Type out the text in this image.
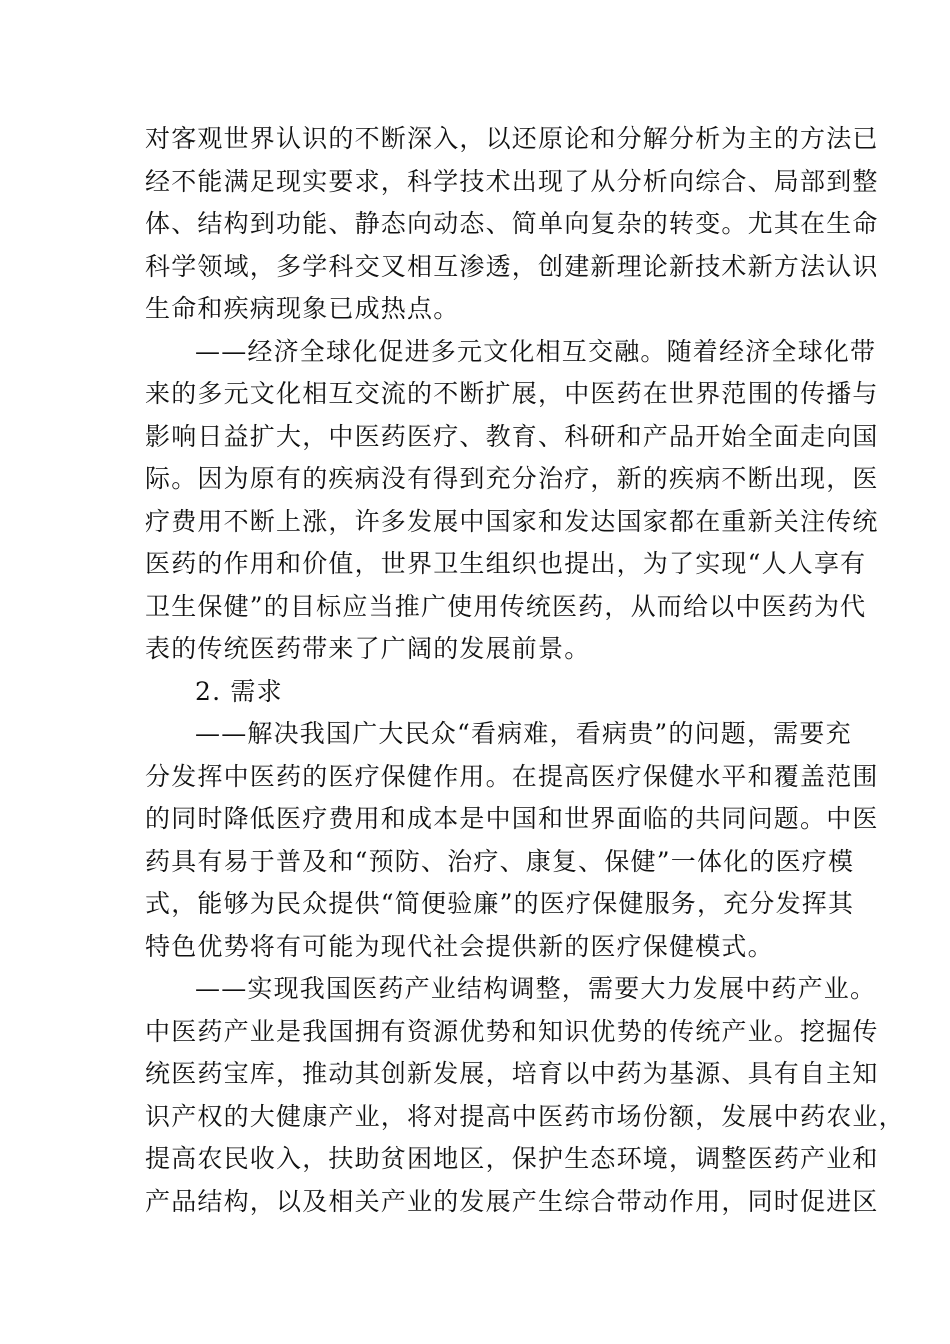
对客观世界认识的不断深入，以还原论和分解分析为主的方法已
经不能满足现实要求，科学技术出现了从分析向综合、局部到整
体、结构到功能、静态向动态、简单向复杂的转变。尤其在生命
科学领域，多学科交叉相互渗透，创建新理论新技术新方法认识
生命和疾病现象已成热点。
——经济全球化促进多元文化相互交融。随着经济全球化带
来的多元文化相互交流的不断扩展，中医药在世界范围的传播与
影响日益扩大，中医药医疗、教育、科研和产品开始全面走向国
际。因为原有的疾病没有得到充分治疗，新的疾病不断出现，医
疗费用不断上涨，许多发展中国家和发达国家都在重新关注传统
医药的作用和价值，世界卫生组织也提出，为了实现“人人享有
卫生保健”的目标应当推广使用传统医药，从而给以中医药为代
表的传统医药带来了广阔的发展前景。
2. 需求
——解决我国广大民众“看病难，看病贵”的问题，需要充
分发挥中医药的医疗保健作用。在提高医疗保健水平和覆盖范围
的同时降低医疗费用和成本是中国和世界面临的共同问题。中医
药具有易于普及和“预防、治疗、康复、保健”一体化的医疗模
式，能够为民众提供“简便验廉”的医疗保健服务，充分发挥其
特色优势将有可能为现代社会提供新的医疗保健模式。
——实现我国医药产业结构调整，需要大力发展中药产业。
中医药产业是我国拥有资源优势和知识优势的传统产业。挖掘传
统医药宝库，推动其创新发展，培育以中药为基源、具有自主知
识产权的大健康产业，将对提高中医药市场份额，发展中药农业，
提高农民收入，扶助贫困地区，保护生态环境，调整医药产业和
产品结构，以及相关产业的发展产生综合带动作用，同时促进区
